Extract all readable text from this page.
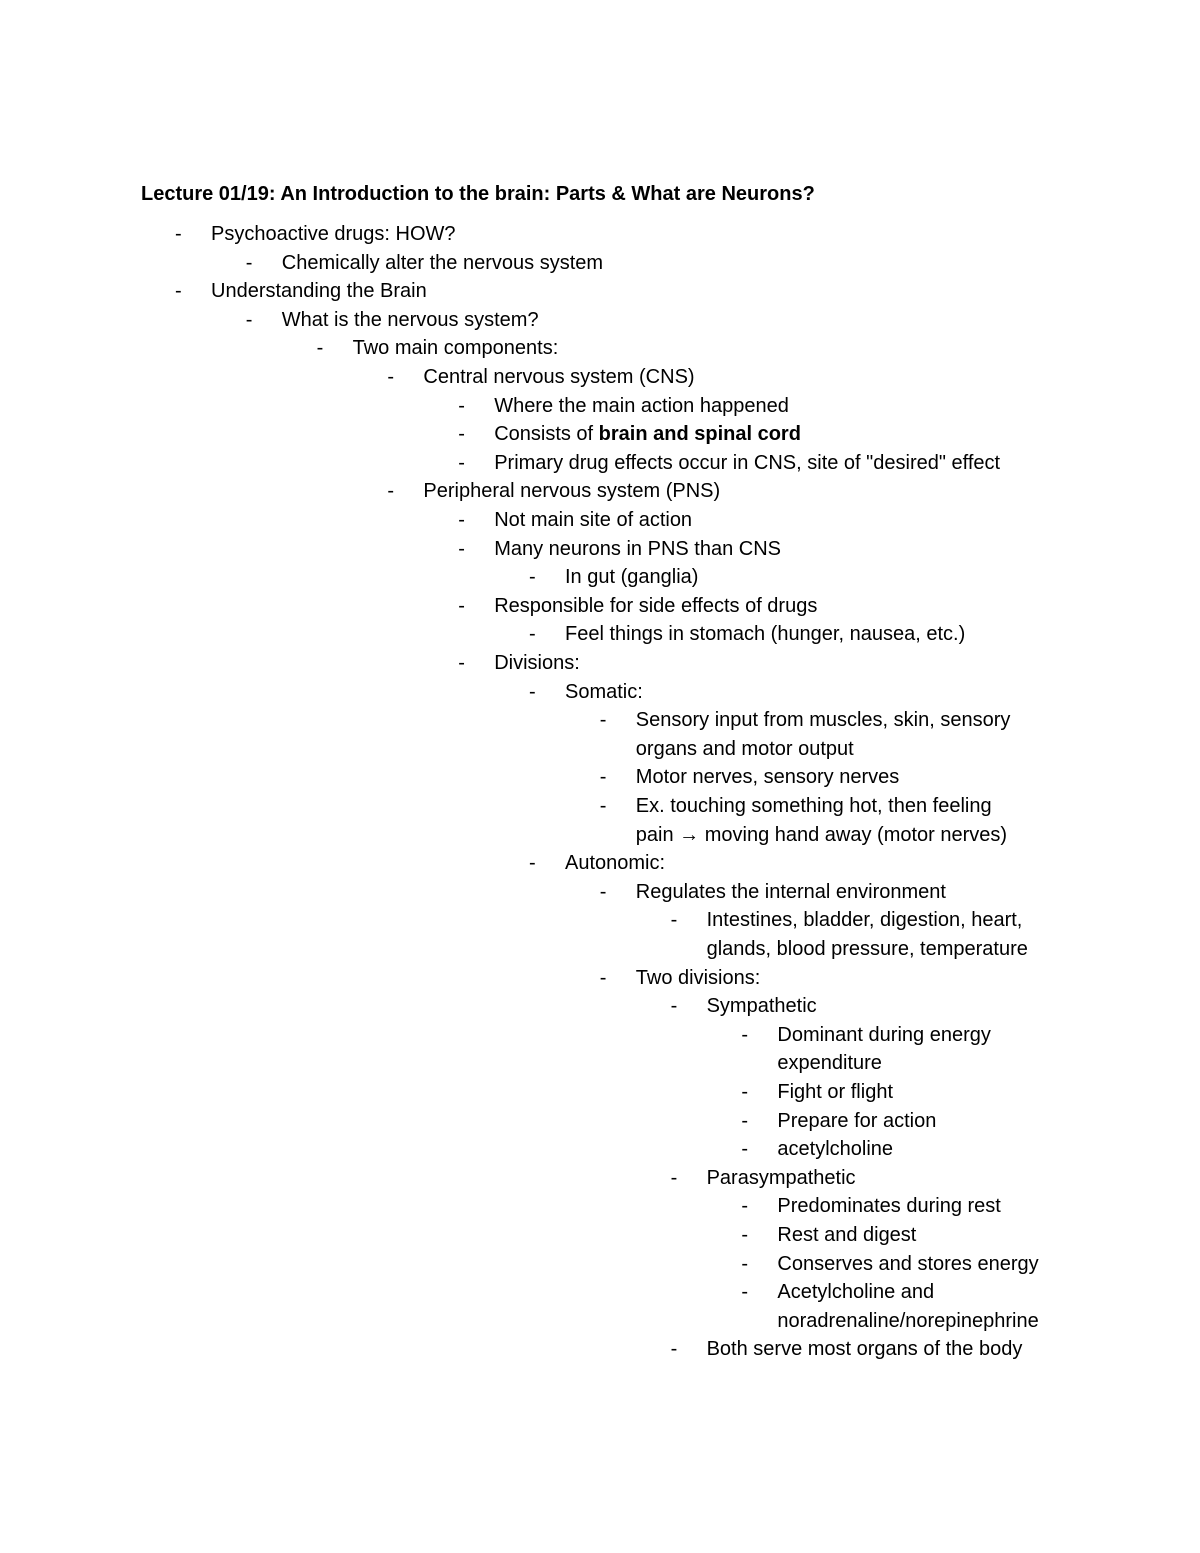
Lecture 01/19: An Introduction to the brain: Parts & What are Neurons?
- Psychoactive drugs: HOW?
- Chemically alter the nervous system
- Understanding the Brain
- What is the nervous system?
- Two main components:
- Central nervous system (CNS)
- Where the main action happened
- Consists of brain and spinal cord
- Primary drug effects occur in CNS, site of "desired" effect
- Peripheral nervous system (PNS)
- Not main site of action
- Many neurons in PNS than CNS
- In gut (ganglia)
- Responsible for side effects of drugs
- Feel things in stomach (hunger, nausea, etc.)
- Divisions:
- Somatic:
- Sensory input from muscles, skin, sensory
organs and motor output
- Motor nerves, sensory nerves
- Ex. touching something hot, then feeling
pain → moving hand away (motor nerves)
- Autonomic:
- Regulates the internal environment
- Intestines, bladder, digestion, heart,
glands, blood pressure, temperature
- Two divisions:
- Sympathetic
- Dominant during energy
expenditure
- Fight or flight
- Prepare for action
- acetylcholine
- Parasympathetic
- Predominates during rest
- Rest and digest
- Conserves and stores energy
- Acetylcholine and
noradrenaline/norepinephrine
- Both serve most organs of the body
